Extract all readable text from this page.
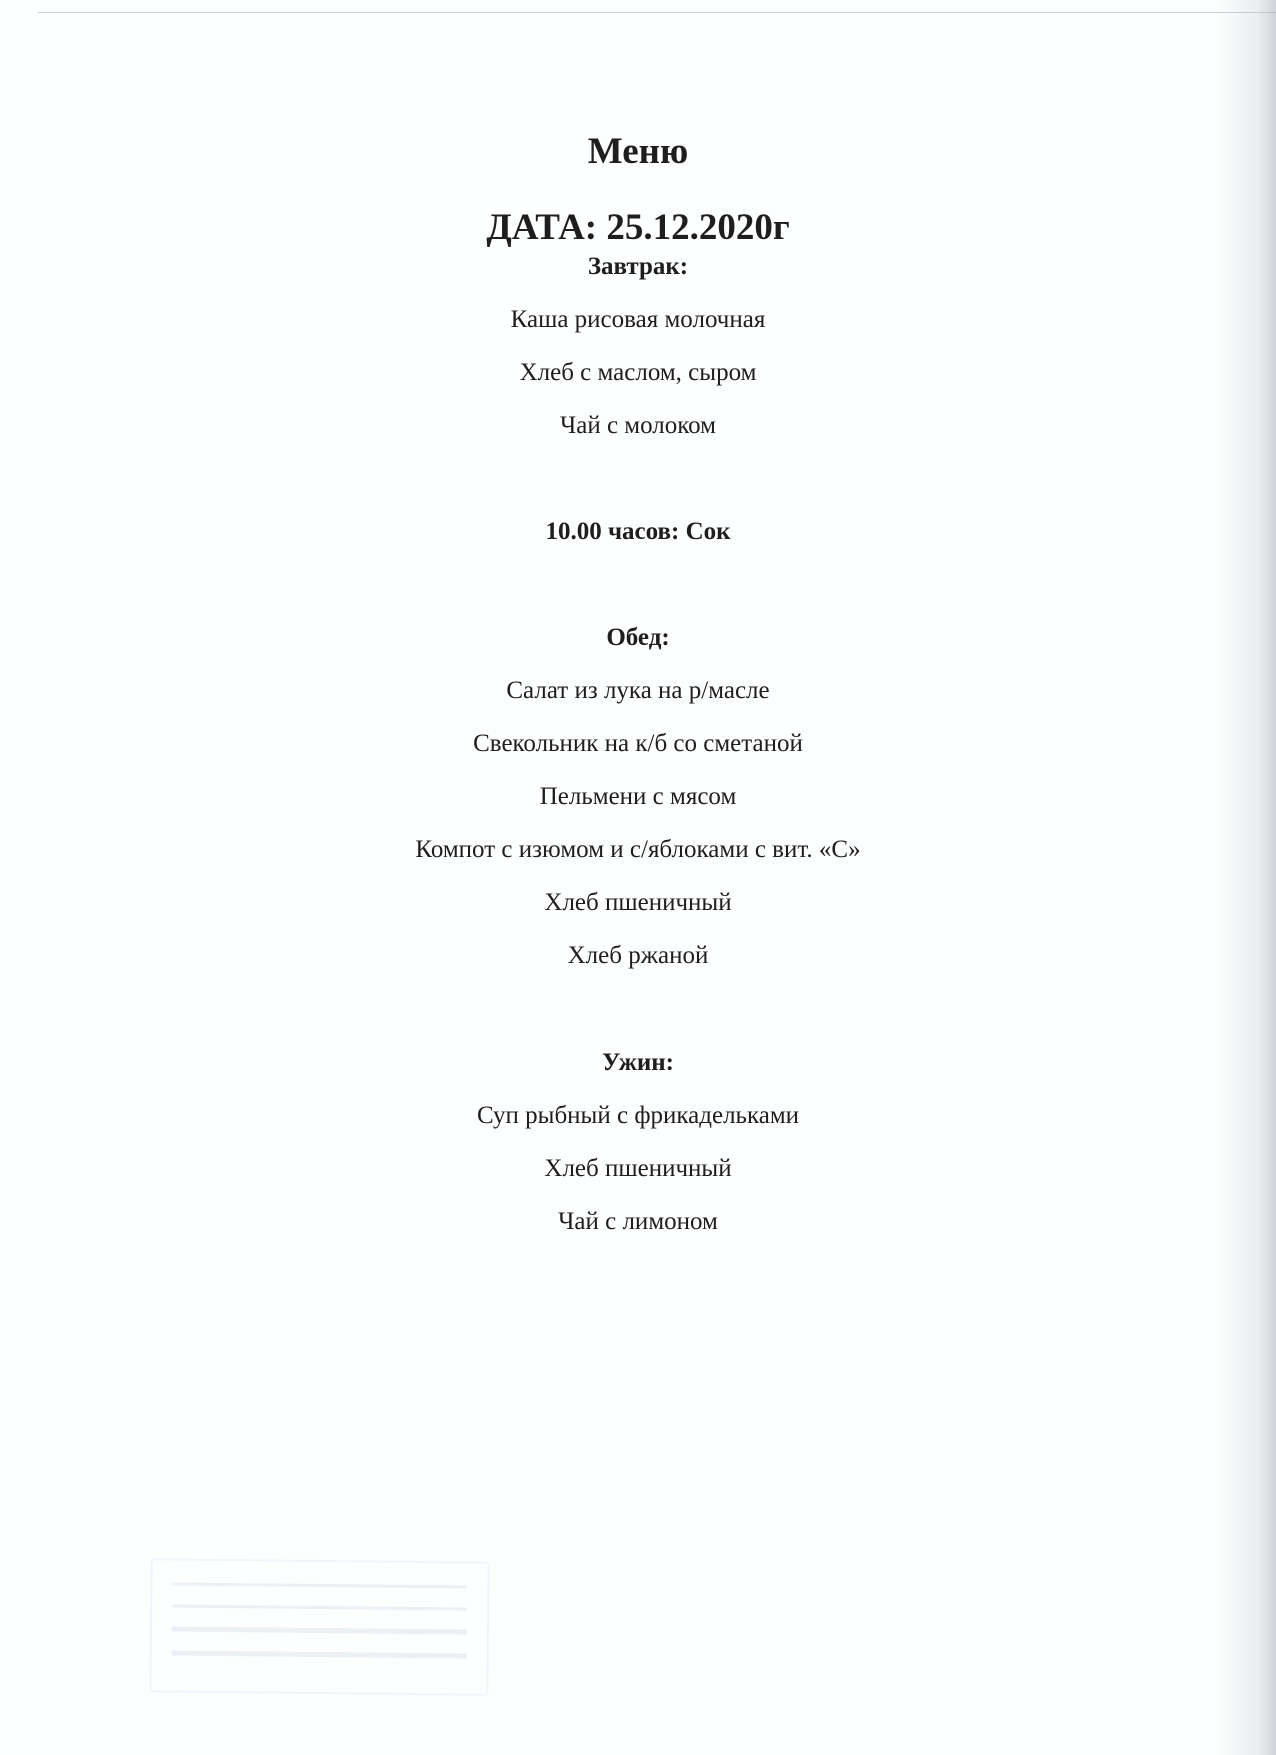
Меню
ДАТА: 25.12.2020г
Завтрак:
Каша рисовая молочная
Хлеб с маслом, сыром
Чай с молоком
10.00 часов: Сок
Обед:
Салат из лука на р/масле
Свекольник на к/б со сметаной
Пельмени с мясом
Компот с изюмом и с/яблоками с вит. «С»
Хлеб пшеничный
Хлеб ржаной
Ужин:
Суп рыбный с фрикадельками
Хлеб пшеничный
Чай с лимоном
